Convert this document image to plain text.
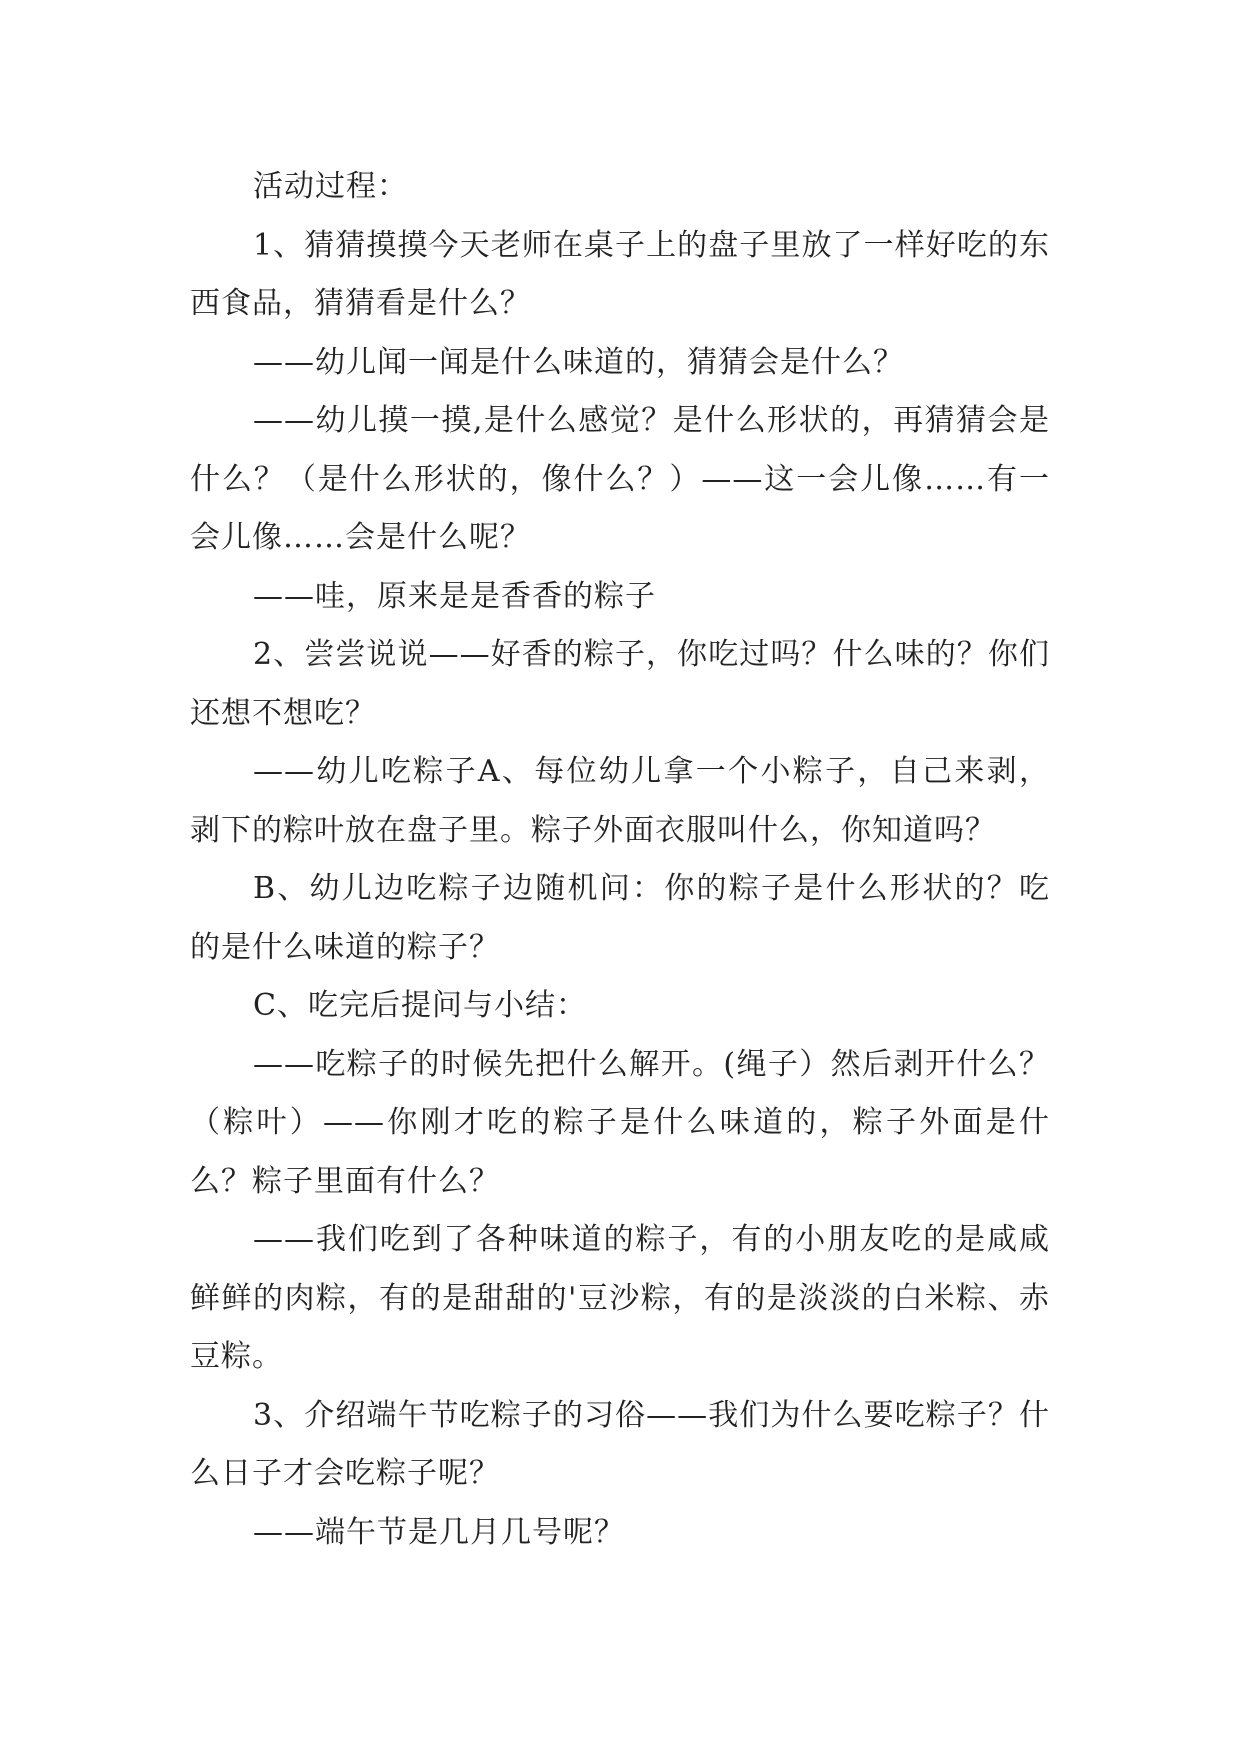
活动过程：

1、猜猜摸摸今天老师在桌子上的盘子里放了一样好吃的东西食品，猜猜看是什么？

——幼儿闻一闻是什么味道的，猜猜会是什么？

——幼儿摸一摸,是什么感觉？是什么形状的，再猜猜会是什么？（是什么形状的，像什么？）——这一会儿像……有一会儿像……会是什么呢？

——哇，原来是是香香的粽子

2、尝尝说说——好香的粽子，你吃过吗？什么味的？你们还想不想吃？

——幼儿吃粽子A、每位幼儿拿一个小粽子，自己来剥，剥下的粽叶放在盘子里。粽子外面衣服叫什么，你知道吗？

B、幼儿边吃粽子边随机问：你的粽子是什么形状的？吃的是什么味道的粽子？

C、吃完后提问与小结：

——吃粽子的时候先把什么解开。(绳子）然后剥开什么？（粽叶）——你刚才吃的粽子是什么味道的，粽子外面是什么？粽子里面有什么？

——我们吃到了各种味道的粽子，有的小朋友吃的是咸咸鲜鲜的肉粽，有的是甜甜的'豆沙粽，有的是淡淡的白米粽、赤豆粽。

3、介绍端午节吃粽子的习俗——我们为什么要吃粽子？什么日子才会吃粽子呢？

——端午节是几月几号呢？
